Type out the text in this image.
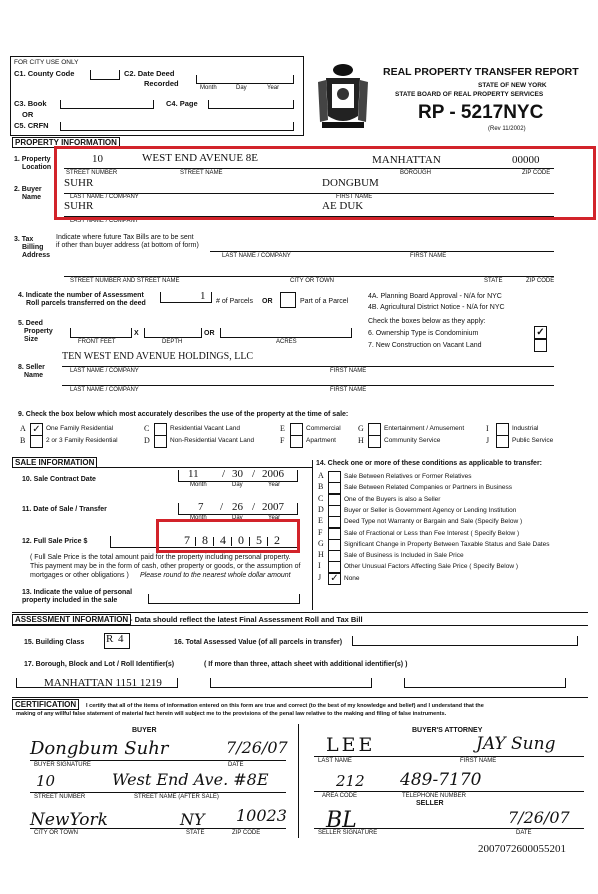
FOR CITY USE ONLY
C1. County Code	C2. Date Deed
Recorded	Month	Day	Year
C3. Book	C4. Page
OR
C5. CRFN
REAL PROPERTY TRANSFER REPORT
STATE OF NEW YORK
STATE BOARD OF REAL PROPERTY SERVICES
RP - 5217NYC
(Rev 11/2002)
PROPERTY INFORMATION
1. Property
Location
10	WEST END AVENUE 8E	MANHATTAN	00000
STREET NUMBER	STREET NAME	BOROUGH	ZIP CODE
2. Buyer
Name
SUHR	DONGBUM
LAST NAME / COMPANY	FIRST NAME
SUHR	AE DUK
LAST NAME / COMPANY
3. Tax
Billing
Address
Indicate where future Tax Bills are to be sent
if other than buyer address (at bottom of form)
LAST NAME / COMPANY	FIRST NAME
STREET NUMBER AND STREET NAME	CITY OR TOWN	STATE	ZIP CODE
4. Indicate the number of Assessment
Roll parcels transferred on the deed
1 # of Parcels OR	Part of a Parcel
4A. Planning Board Approval - N/A for NYC
4B. Agricultural District Notice - N/A for NYC
Check the boxes below as they apply:
5. Deed
Property
Size	FRONT FEET
X
DEPTH
OR
ACRES
6. Ownership Type is Condominium	✓
7. New Construction on Vacant Land
8. Seller
Name
TEN WEST END AVENUE HOLDINGS, LLC
LAST NAME / COMPANY	FIRST NAME
LAST NAME / COMPANY	FIRST NAME
9. Check the box below which most accurately describes the use of the property at the time of sale:
A ✓ One Family Residential
B	2 or 3 Family Residential
C	Residential Vacant Land
D	Non-Residential Vacant Land
E	Commercial
F	Apartment
G	Entertainment / Amusement
H	Community Service
I	Industrial
J	Public Service
SALE INFORMATION
10. Sale Contract Date	11 / 30 / 2006
Month	Day	Year
11. Date of Sale / Transfer	7 / 26 / 2007
Month	Day	Year
12. Full Sale Price $	7 8 4 0 5 2
( Full Sale Price is the total amount paid for the property including personal property.
This payment may be in the form of cash, other property or goods, or the assumption of
mortgages or other obligations ) Please round to the nearest whole dollar amount
13. Indicate the value of personal
property included in the sale
14. Check one or more of these conditions as applicable to transfer:
A	Sale Between Relatives or Former Relatives
B	Sale Between Related Companies or Partners in Business
C	One of the Buyers is also a Seller
D	Buyer or Seller is Government Agency or Lending Institution
E	Deed Type not Warranty or Bargain and Sale (Specify Below )
F	Sale of Fractional or Less than Fee Interest ( Specify Below )
G	Significant Change in Property Between Taxable Status and Sale Dates
H	Sale of Business is Included in Sale Price
I	Other Unusual Factors Affecting Sale Price ( Specify Below )
J ✓ None
ASSESSMENT INFORMATION - Data should reflect the latest Final Assessment Roll and Tax Bill
15. Building Class R 4	16. Total Assessed Value (of all parcels in transfer)
17. Borough, Block and Lot / Roll Identifier(s)	( If more than three, attach sheet with additional identifier(s) )
MANHATTAN 1151 1219
CERTIFICATION	I certify that all of the items of information entered on this form are true and correct (to the best of my knowledge and belief) and I understand that the
making of any willful false statement of material fact herein will subject me to the provisions of the penal law relative to the making and filing of false instruments.
BUYER	BUYER'S ATTORNEY
Dongbum Suhr	7/26/07
BUYER SIGNATURE	DATE
10	West End Ave. #8E
STREET NUMBER	STREET NAME (AFTER SALE)
NewYork	NY 10023
CITY OR TOWN	STATE	ZIP CODE
LEE	JAY Sung
LAST NAME	FIRST NAME
212 489-7170
AREA CODE	TELEPHONE NUMBER
SELLER
BL	7/26/07
SELLER SIGNATURE	DATE
2007072600055201
